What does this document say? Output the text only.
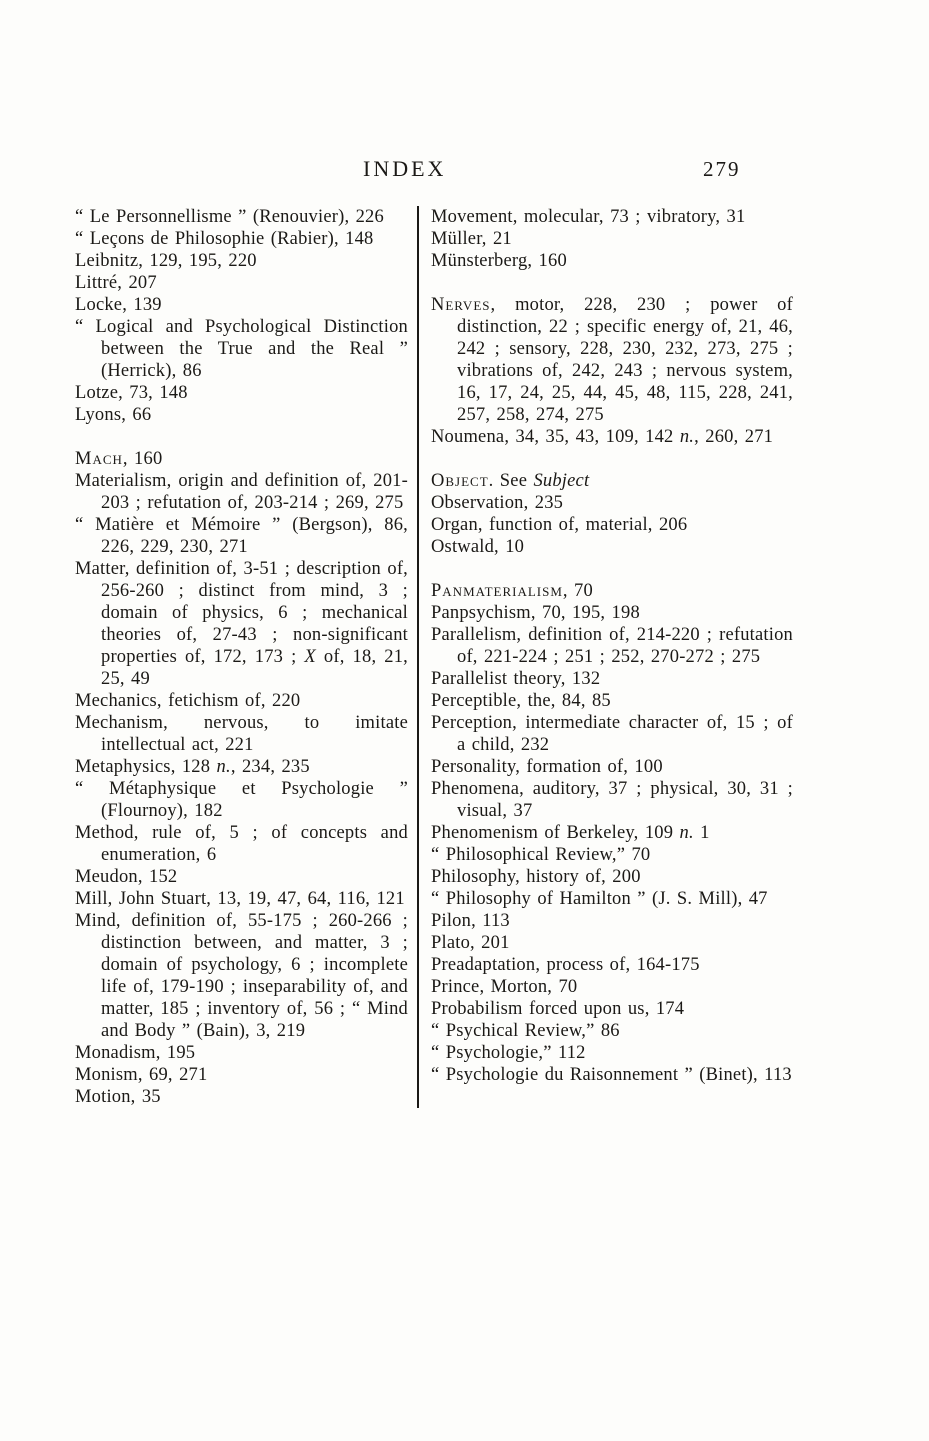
INDEX	279
“ Le Personnellisme ” (Renouvier), 226
“ Leçons de Philosophie (Rabier), 148
Leibnitz, 129, 195, 220
Littré, 207
Locke, 139
“ Logical and Psychological Distinction between the True and the Real ” (Herrick), 86
Lotze, 73, 148
Lyons, 66
Mach, 160
Materialism, origin and definition of, 201-203 ; refutation of, 203-214 ; 269, 275
“ Matière et Mémoire ” (Bergson), 86, 226, 229, 230, 271
Matter, definition of, 3-51 ; description of, 256-260 ; distinct from mind, 3 ; domain of physics, 6 ; mechanical theories of, 27-43 ; non-significant properties of, 172, 173 ; X of, 18, 21, 25, 49
Mechanics, fetichism of, 220
Mechanism, nervous, to imitate intellectual act, 221
Metaphysics, 128 n., 234, 235
“ Métaphysique et Psychologie ” (Flournoy), 182
Method, rule of, 5 ; of concepts and enumeration, 6
Meudon, 152
Mill, John Stuart, 13, 19, 47, 64, 116, 121
Mind, definition of, 55-175 ; 260-266 ; distinction between, and matter, 3 ; domain of psychology, 6 ; incomplete life of, 179-190 ; inseparability of, and matter, 185 ; inventory of, 56 ; “ Mind and Body ” (Bain), 3, 219
Monadism, 195
Monism, 69, 271
Motion, 35
Movement, molecular, 73 ; vibratory, 31
Müller, 21
Münsterberg, 160
Nerves, motor, 228, 230 ; power of distinction, 22 ; specific energy of, 21, 46, 242 ; sensory, 228, 230, 232, 273, 275 ; vibrations of, 242, 243 ; nervous system, 16, 17, 24, 25, 44, 45, 48, 115, 228, 241, 257, 258, 274, 275
Noumena, 34, 35, 43, 109, 142 n., 260, 271
Object. See Subject
Observation, 235
Organ, function of, material, 206
Ostwald, 10
Panmaterialism, 70
Panpsychism, 70, 195, 198
Parallelism, definition of, 214-220 ; refutation of, 221-224 ; 251 ; 252, 270-272 ; 275
Parallelist theory, 132
Perceptible, the, 84, 85
Perception, intermediate character of, 15 ; of a child, 232
Personality, formation of, 100
Phenomena, auditory, 37 ; physical, 30, 31 ; visual, 37
Phenomenism of Berkeley, 109 n. 1
“ Philosophical Review,” 70
Philosophy, history of, 200
“ Philosophy of Hamilton ” (J. S. Mill), 47
Pilon, 113
Plato, 201
Preadaptation, process of, 164-175
Prince, Morton, 70
Probabilism forced upon us, 174
“ Psychical Review,” 86
“ Psychologie,” 112
“ Psychologie du Raisonnement ” (Binet), 113
